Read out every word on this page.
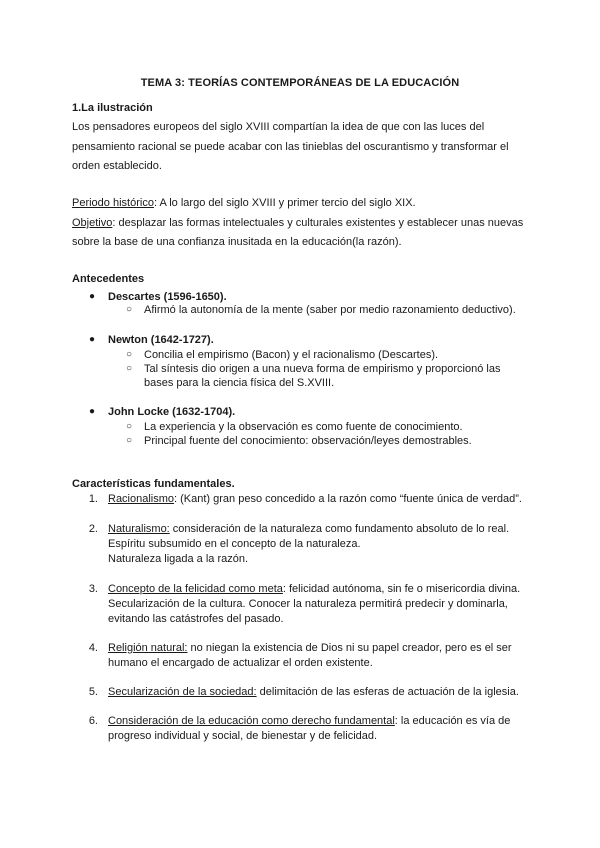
TEMA 3: TEORÍAS CONTEMPORÁNEAS DE LA EDUCACIÓN
1.La ilustración
Los pensadores europeos del siglo XVIII compartían la idea de que con las luces del
pensamiento racional se puede acabar con las tinieblas del oscurantismo y transformar el
orden establecido.
Periodo histórico: A lo largo del siglo XVIII y primer tercio del siglo XIX.
Objetivo: desplazar las formas intelectuales y culturales existentes y establecer unas nuevas
sobre la base de una confianza inusitada en la educación(la razón).
Antecedentes
● Descartes (1596-1650).
○ Afirmó la autonomía de la mente (saber por medio razonamiento deductivo).
● Newton (1642-1727).
○ Concilia el empirismo (Bacon) y el racionalismo (Descartes).
○ Tal síntesis dio origen a una nueva forma de empirismo y proporcionó las
bases para la ciencia física del S.XVIII.
● John Locke (1632-1704).
○ La experiencia y la observación es como fuente de conocimiento.
○ Principal fuente del conocimiento: observación/leyes demostrables.
Características fundamentales.
1. Racionalismo: (Kant) gran peso concedido a la razón como “fuente única de verdad”.
2. Naturalismo: consideración de la naturaleza como fundamento absoluto de lo real.
Espíritu subsumido en el concepto de la naturaleza.
Naturaleza ligada a la razón.
3. Concepto de la felicidad como meta: felicidad autónoma, sin fe o misericordia divina.
Secularización de la cultura. Conocer la naturaleza permitirá predecir y dominarla,
evitando las catástrofes del pasado.
4. Religión natural: no niegan la existencia de Dios ni su papel creador, pero es el ser
humano el encargado de actualizar el orden existente.
5. Secularización de la sociedad: delimitación de las esferas de actuación de la iglesia.
6. Consideración de la educación como derecho fundamental: la educación es vía de
progreso individual y social, de bienestar y de felicidad.
